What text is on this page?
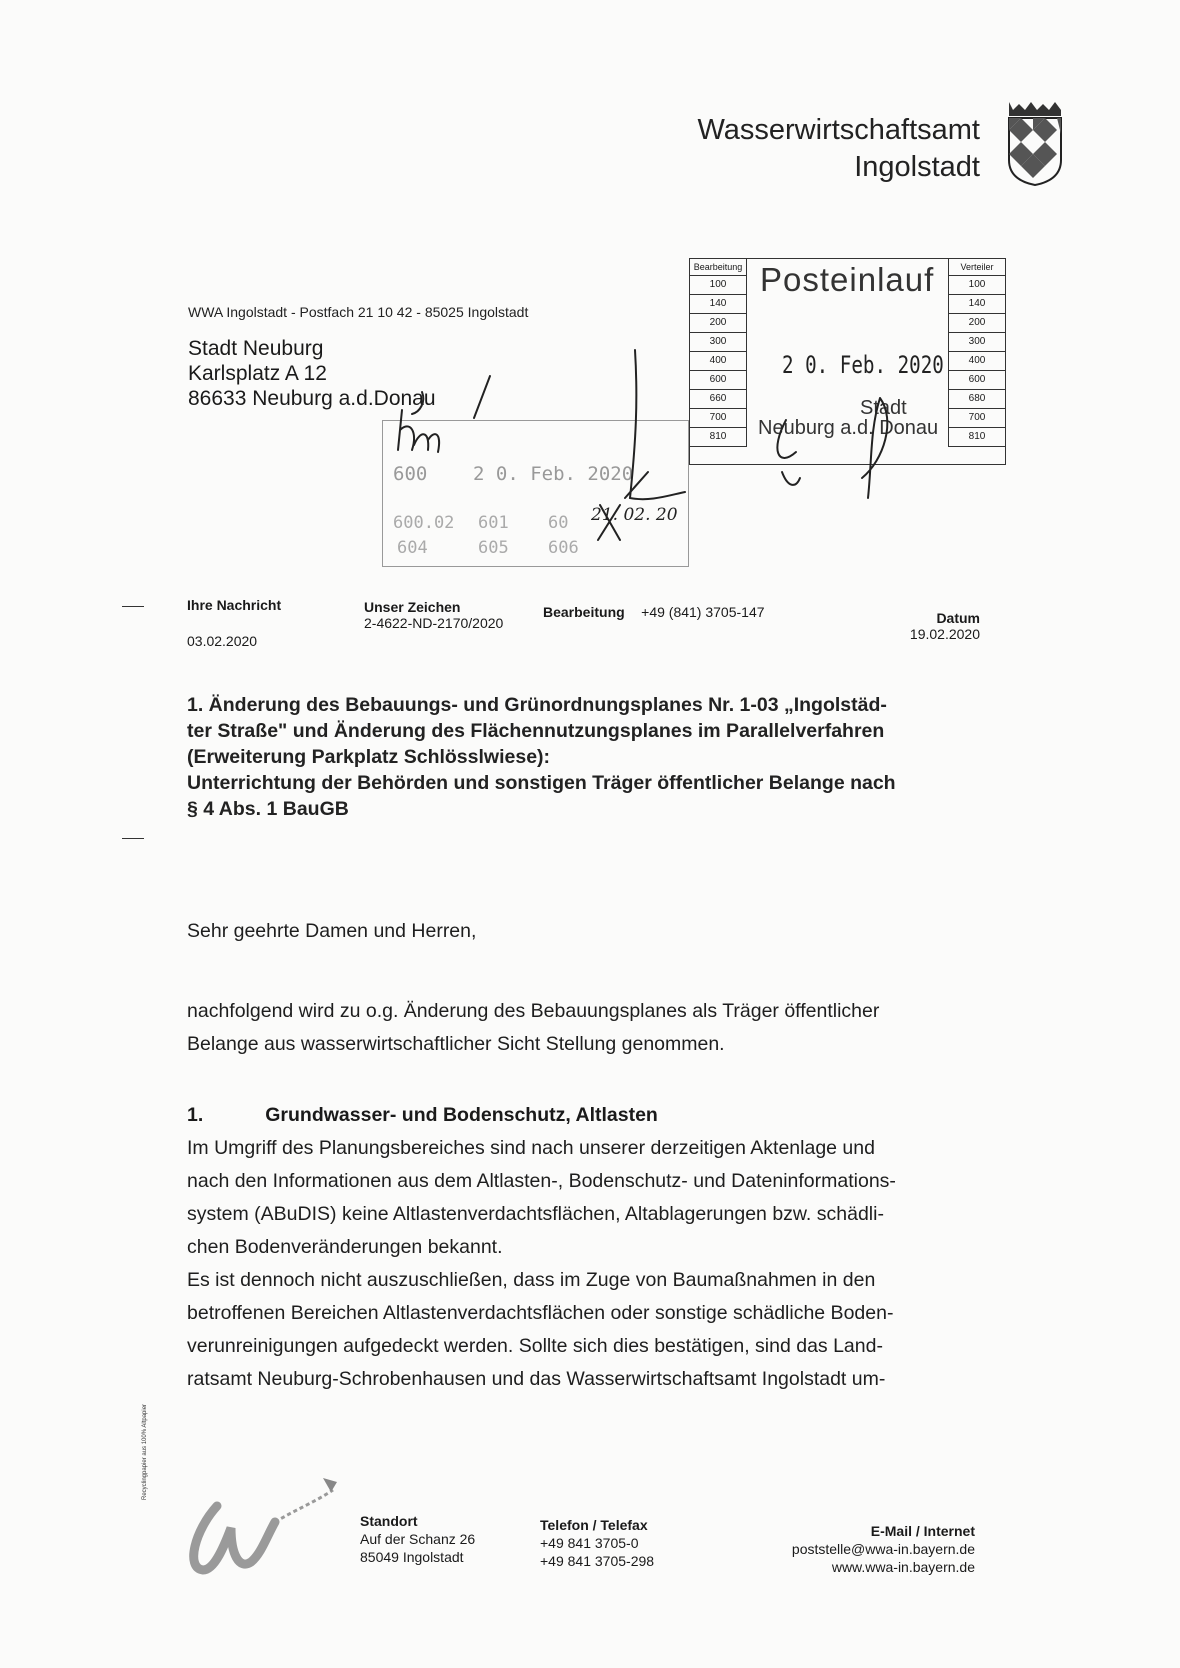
Wasserwirtschaftsamt
Ingolstadt
WWA Ingolstadt - Postfach 21 10 42 - 85025 Ingolstadt
Stadt Neuburg
Karlsplatz A 12
86633 Neuburg a.d.Donau
Bearbeitung
100
140
200
300
400
600
660
700
810
Posteinlauf
2 0. Feb. 2020
Stadt
Neuburg a.d. Donau
Verteiler
100
140
200
300
400
600
680
700
810
600 2 0. Feb. 2020
600.02 601 60
604	605 606
21. 02. 20
Ihre Nachricht
03.02.2020
Unser Zeichen
2-4622-ND-2170/2020
Bearbeitung +49 (841) 3705-147	Datum
19.02.2020
1. Änderung des Bebauungs- und Grünordnungsplanes Nr. 1-03 „Ingolstäd-
ter Straße" und Änderung des Flächennutzungsplanes im Parallelverfahren
(Erweiterung Parkplatz Schlösslwiese):
Unterrichtung der Behörden und sonstigen Träger öffentlicher Belange nach
§ 4 Abs. 1 BauGB
Sehr geehrte Damen und Herren,
nachfolgend wird zu o.g. Änderung des Bebauungsplanes als Träger öffentlicher
Belange aus wasserwirtschaftlicher Sicht Stellung genommen.
1.	Grundwasser- und Bodenschutz, Altlasten
Im Umgriff des Planungsbereiches sind nach unserer derzeitigen Aktenlage und
nach den Informationen aus dem Altlasten-, Bodenschutz- und Dateninformations-
system (ABuDIS) keine Altlastenverdachtsflächen, Altablagerungen bzw. schädli-
chen Bodenveränderungen bekannt.
Es ist dennoch nicht auszuschließen, dass im Zuge von Baumaßnahmen in den
betroffenen Bereichen Altlastenverdachtsflächen oder sonstige schädliche Boden-
verunreinigungen aufgedeckt werden. Sollte sich dies bestätigen, sind das Land-
ratsamt Neuburg-Schrobenhausen und das Wasserwirtschaftsamt Ingolstadt um-
Recyclingpapier aus 100% Altpapier
Standort
Auf der Schanz 26
85049 Ingolstadt
Telefon / Telefax
+49 841 3705-0
+49 841 3705-298
E-Mail / Internet
poststelle@wwa-in.bayern.de
www.wwa-in.bayern.de
